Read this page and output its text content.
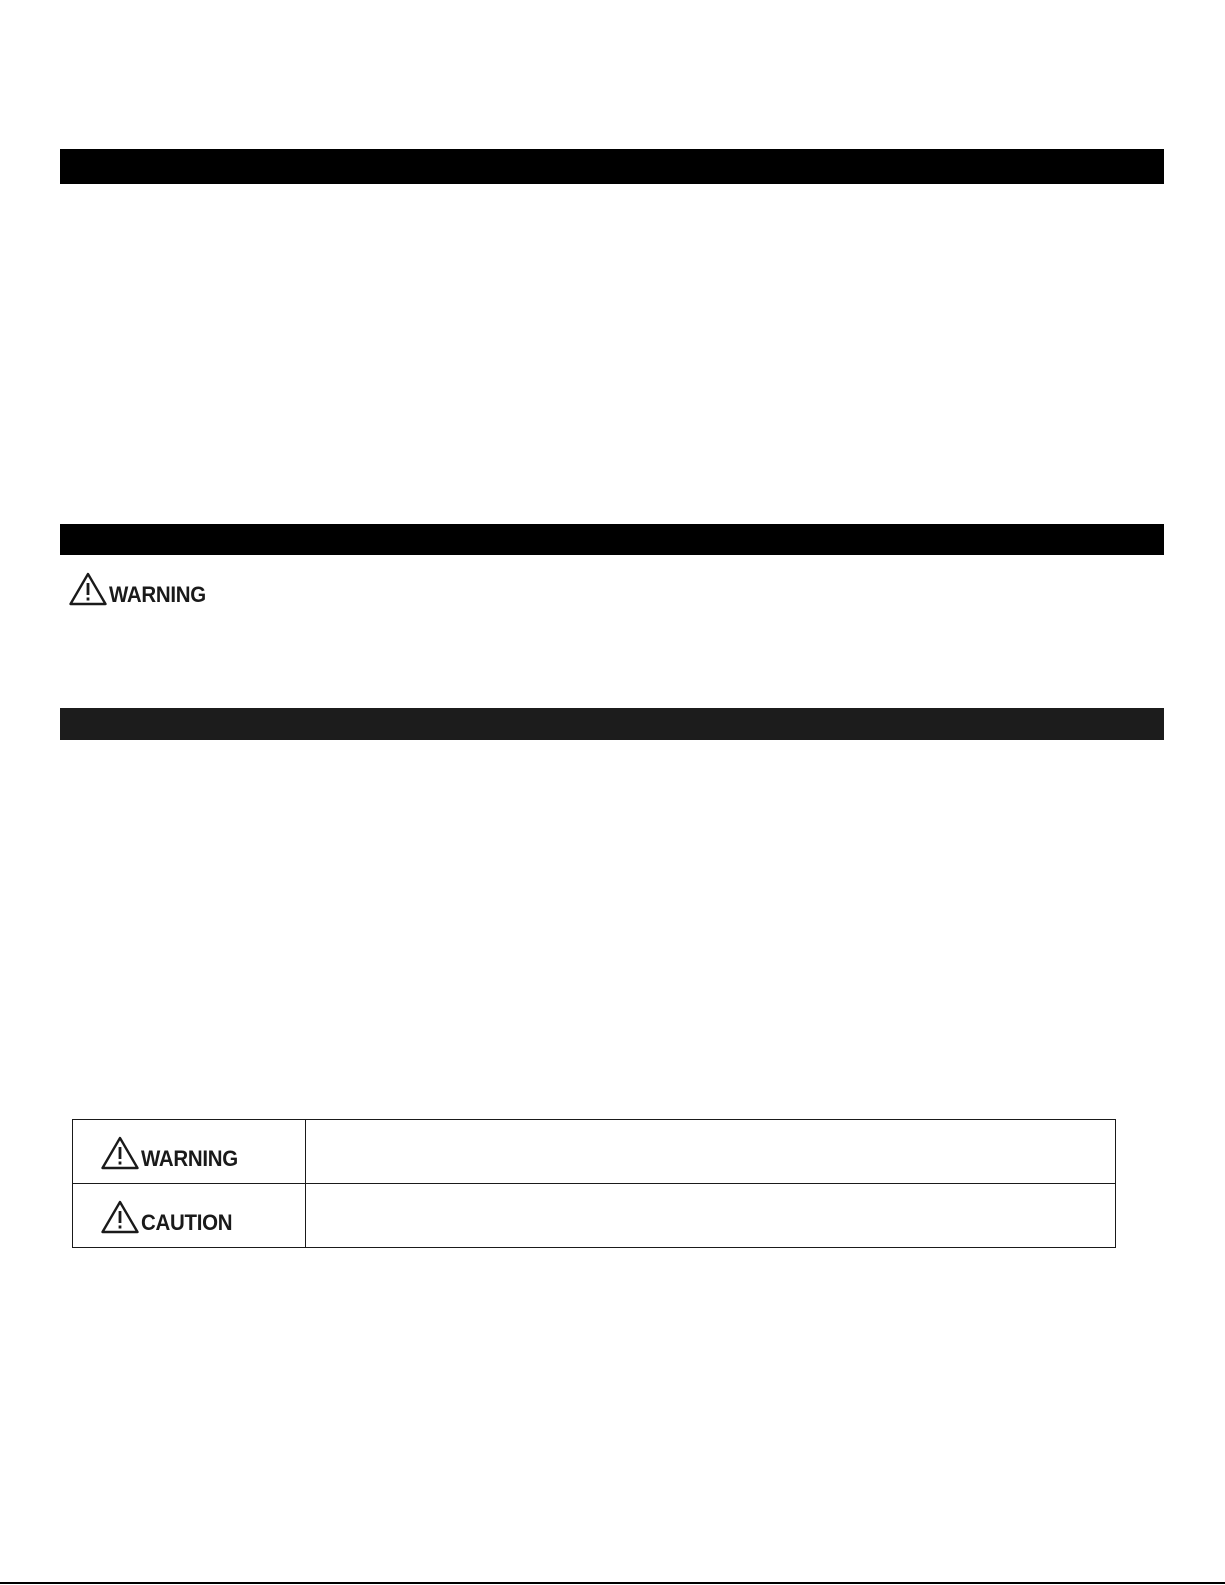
WARNING
WARNING	

CAUTION	
